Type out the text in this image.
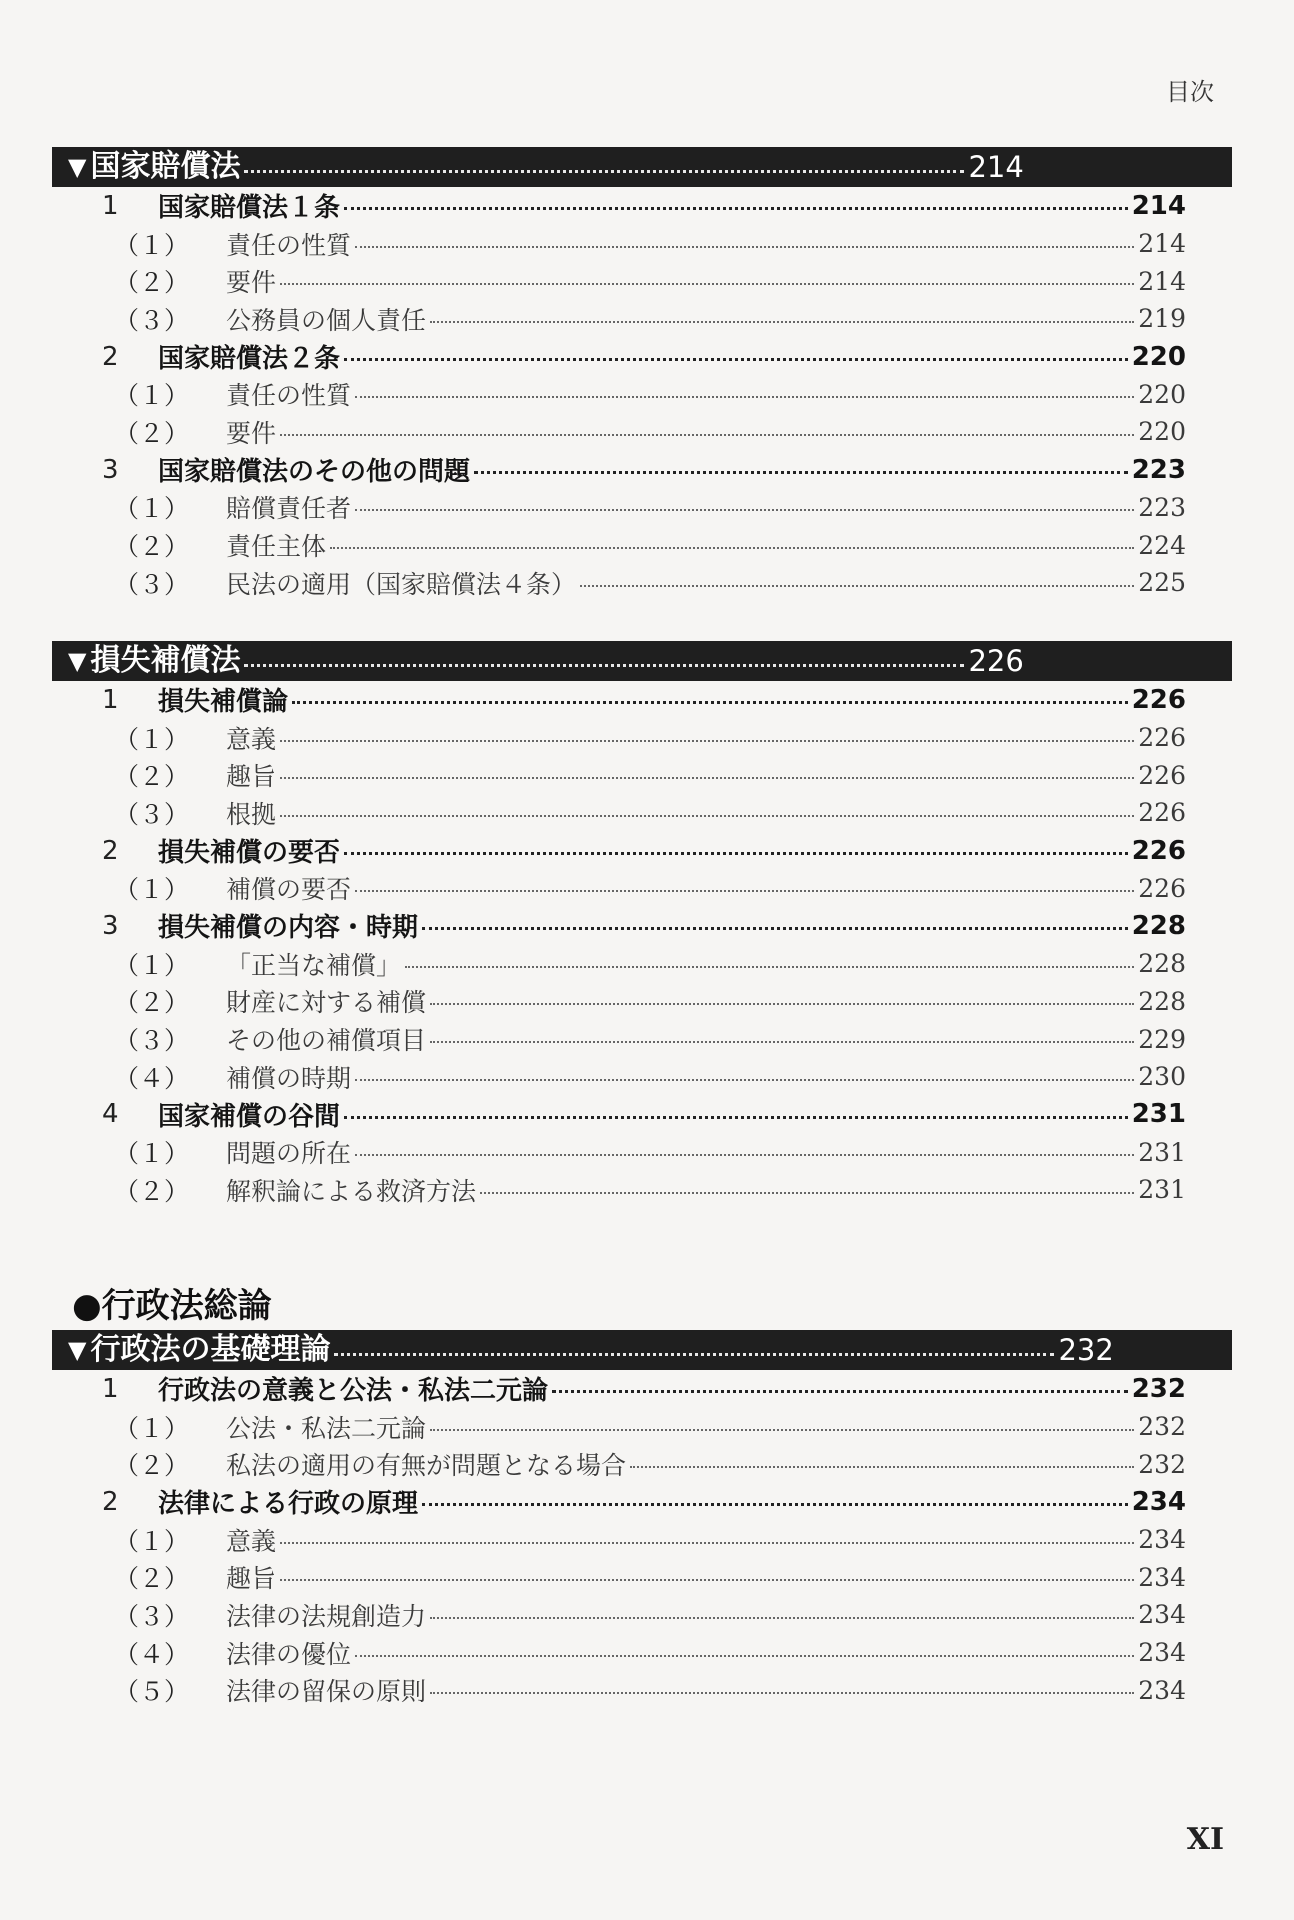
目次
▼ 国家賠償法	214
1	国家賠償法１条	214
（１）	責任の性質	214
（２）	要件	214
（３）	公務員の個人責任	219
2	国家賠償法２条	220
（１）	責任の性質	220
（２）	要件	220
3	国家賠償法のその他の問題	223
（１）	賠償責任者	223
（２）	責任主体	224
（３）	民法の適用（国家賠償法４条）	225
▼ 損失補償法	226
1	損失補償論	226
（１）	意義	226
（２）	趣旨	226
（３）	根拠	226
2	損失補償の要否	226
（１）	補償の要否	226
3	損失補償の内容・時期	228
（１）	「正当な補償」	228
（２）	財産に対する補償	228
（３）	その他の補償項目	229
（４）	補償の時期	230
4	国家補償の谷間	231
（１）	問題の所在	231
（２）	解釈論による救済方法	231
●行政法総論
▼ 行政法の基礎理論	232
1	行政法の意義と公法・私法二元論	232
（１）	公法・私法二元論	232
（２）	私法の適用の有無が問題となる場合	232
2	法律による行政の原理	234
（１）	意義	234
（２）	趣旨	234
（３）	法律の法規創造力	234
（４）	法律の優位	234
（５）	法律の留保の原則	234
XI
